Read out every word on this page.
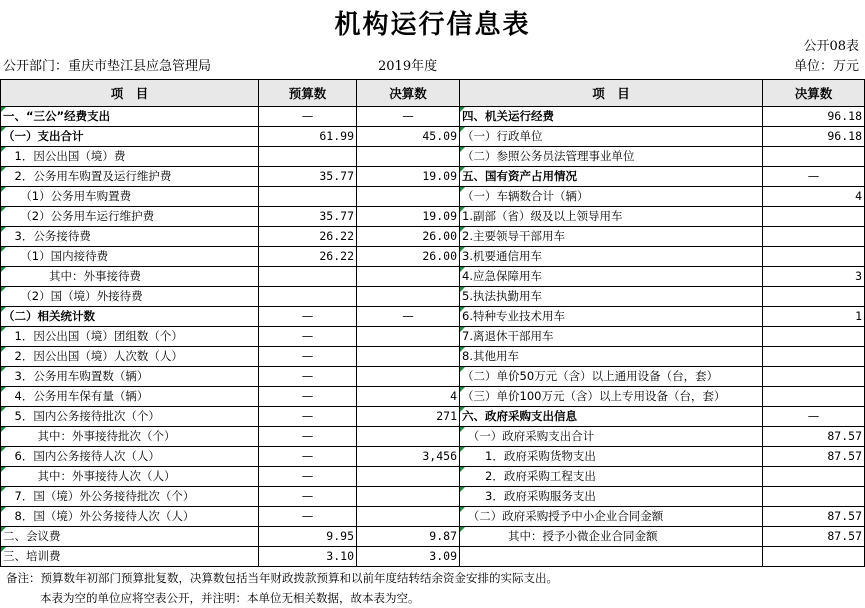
机构运行信息表
公开08表
公开部门：重庆市垫江县应急管理局	2019年度	单位：万元
项　目	预算数	决算数	项　目	决算数
一、“三公”经费支出	—	—	四、机关运行经费	96.18
（一）支出合计	61.99	45.09	（一）行政单位	96.18
　1．因公出国（境）费			（二）参照公务员法管理事业单位	
　2．公务用车购置及运行维护费	35.77	19.09	五、国有资产占用情况	—
　　（1）公务用车购置费			（一）车辆数合计（辆）	4
　　（2）公务用车运行维护费	35.77	19.09	1.副部（省）级及以上领导用车	
　3．公务接待费	26.22	26.00	2.主要领导干部用车	
　　（1）国内接待费	26.22	26.00	3.机要通信用车	
　　　　其中：外事接待费			4.应急保障用车	3
　　（2）国（境）外接待费			5.执法执勤用车	
（二）相关统计数	—	—	6.特种专业技术用车	1
　1．因公出国（境）团组数（个）	—		7.离退休干部用车	
　2．因公出国（境）人次数（人）	—		8.其他用车	
　3．公务用车购置数（辆）	—		（二）单价50万元（含）以上通用设备（台，套）	
　4．公务用车保有量（辆）	—	4	（三）单价100万元（含）以上专用设备（台，套）	
　5．国内公务接待批次（个）	—	271	六、政府采购支出信息	—
　　　其中：外事接待批次（个）	—		　（一）政府采购支出合计	87.57
　6．国内公务接待人次（人）	—	3,456	　　1．政府采购货物支出	87.57
　　　其中：外事接待人次（人）	—		　　2．政府采购工程支出	
　7．国（境）外公务接待批次（个）	—		　　3．政府采购服务支出	
　8．国（境）外公务接待人次（人）	—		　（二）政府采购授予中小企业合同金额	87.57
二、会议费	9.95	9.87	　　　　其中：授予小微企业合同金额	87.57
三、培训费	3.10	3.09		
备注：预算数年初部门预算批复数，决算数包括当年财政拨款预算和以前年度结转结余资金安排的实际支出。
本表为空的单位应将空表公开，并注明：本单位无相关数据，故本表为空。
